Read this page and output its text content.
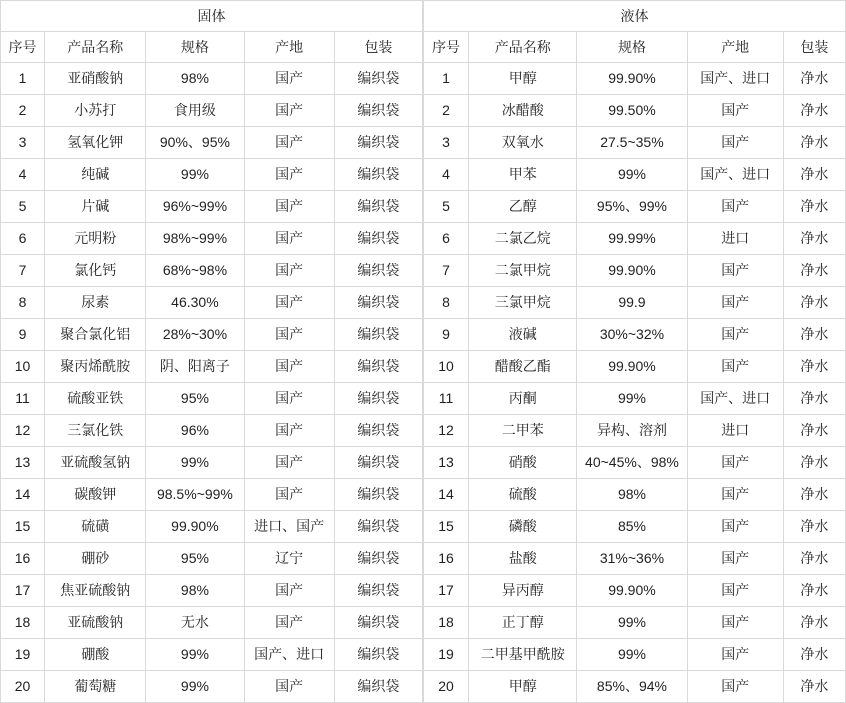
固体				
序号	产品名称	规格	产地	包装
1	亚硝酸钠	98%	国产	编织袋
2	小苏打	食用级	国产	编织袋
3	氢氧化钾	90%、95%	国产	编织袋
4	纯碱	99%	国产	编织袋
5	片碱	96%~99%	国产	编织袋
6	元明粉	98%~99%	国产	编织袋
7	氯化钙	68%~98%	国产	编织袋
8	尿素	46.30%	国产	编织袋
9	聚合氯化铝	28%~30%	国产	编织袋
10	聚丙烯酰胺	阴、阳离子	国产	编织袋
11	硫酸亚铁	95%	国产	编织袋
12	三氯化铁	96%	国产	编织袋
13	亚硫酸氢钠	99%	国产	编织袋
14	碳酸钾	98.5%~99%	国产	编织袋
15	硫磺	99.90%	进口、国产	编织袋
16	硼砂	95%	辽宁	编织袋
17	焦亚硫酸钠	98%	国产	编织袋
18	亚硫酸钠	无水	国产	编织袋
19	硼酸	99%	国产、进口	编织袋
20	葡萄糖	99%	国产	编织袋
液体				
序号	产品名称	规格	产地	包装
1	甲醇	99.90%	国产、进口	净水
2	冰醋酸	99.50%	国产	净水
3	双氧水	27.5~35%	国产	净水
4	甲苯	99%	国产、进口	净水
5	乙醇	95%、99%	国产	净水
6	二氯乙烷	99.99%	进口	净水
7	二氯甲烷	99.90%	国产	净水
8	三氯甲烷	99.9	国产	净水
9	液碱	30%~32%	国产	净水
10	醋酸乙酯	99.90%	国产	净水
11	丙酮	99%	国产、进口	净水
12	二甲苯	异构、溶剂	进口	净水
13	硝酸	40~45%、98%	国产	净水
14	硫酸	98%	国产	净水
15	磷酸	85%	国产	净水
16	盐酸	31%~36%	国产	净水
17	异丙醇	99.90%	国产	净水
18	正丁醇	99%	国产	净水
19	二甲基甲酰胺	99%	国产	净水
20	甲醇	85%、94%	国产	净水
